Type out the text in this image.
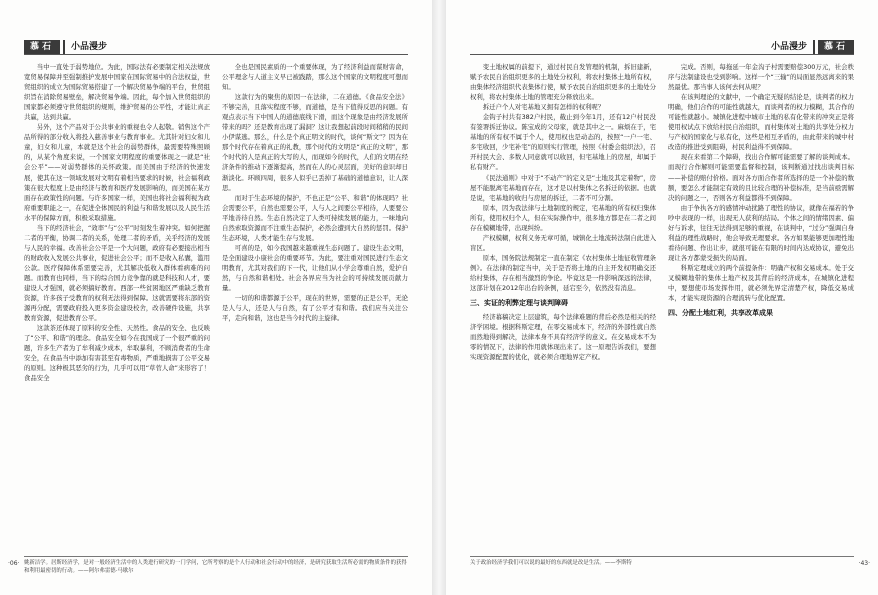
慕石	小品漫步

当中一直处于弱势地位。为此，国际法有必要制定相关法规放宽贸易保障并至强制推护发展中国家在国际贸易中的合法权益，世贸组织的成立为国际贸易搭建了一个解决贸易争端的平台，世贸组织旨在消除贸易壁垒，解决贸易争端。因此，每个加入世贸组织的国家都必须遵守世贸组织的规则，维护贸易的公平性，才能让真正共赢，达到共赢。

另外，这个产品对于公共事业的重视也令人起敬。销售这个产品所得的部分收入将投入慈善事业与教育事业。尤其针对妇女和儿童，妇女和儿童，本就是这个社会的弱势群体，最需要特殊照顾的，从某个角度来说，一个国家文明程度的重要体现之一就是“社会公平”——对弱势群体的关怀政策。而美国由于经济的快速发展，使其在这一领域发展对文明有着相当要求的时候，社会福利政策在很大程度上是由经济与教育和医疗发展影响的，而美国在某方面存在政策性的问题。与许多国家一样，美国也将社会福利视为政府重要职能之一，在促进全体国民的利益与和谐发展以及人民生活水平的保障方面，积极采取措施。

当下的经济社会，“效率”与“公平”时刻发生着冲突。如何把握二者的平衡，协调二者的关系，处理二者的矛盾，关乎经济的发展与人民的幸福。改善社会公平是一个大问题，政府有必要接出相当的财政收入发展公共事业，促进社会公平；而不是收入私囊，滥用公款。医疗保障体系需要完善，尤其解决低收入群体看病难的问题。而教育也同样，当下的综合国力竞争靠的就是科技和人才，要建设人才强国，就必须搞好教育。西部一些贫困地区严重缺乏教育资源，许多孩子受教育的权利无法得到保障。这就需要将东部的资源再分配，需要政府投入更多资金建设校舍，改善硬件设施，共享教育资源，促进教育公平。

这款茶还体现了原料的安全性、天然性。食品的安全、也反映了“公平、和谐”的理念。食品安全如今在我国成了一个很严重的问题，许多生产者为了牟利减少成本，牟取暴利，不顾消费者的生命安全，在食品当中添加有害甚至有毒物质，严重地损害了公平交易的原则。这种极其恶劣的行为，几乎可以用“草菅人命”来形容了！食品安全

全也是国民素质的一个重要体现，为了经济利益而谋财害命，公平理念与人道主义早已被践踏，那么这个国家的文明程度可想而知。

这款行为的聚焦的原因一在法律，二在道德。《食品安全法》不够完善，且落实程度不够，而道德，是当下值得反思的问题。有观点表示当下中国人的道德底线下滑，而这个现象是由经济发展所带来的吗？还是教育出现了漏洞？这让我想起前段时间稍稍的民间小伊谋逃。那么，什么是个真正明文的时代，谈何“斯文”？因为在那个时代存在着真正的礼教，那个时代的文明是“真正的文明”，那个时代的人是真正的大写的人，而现如今的时代，人们的文明在经济条件的推动下逐渐提高，然而在人的心灵层面，美好的意识却日渐淡化。环顾四周，很多人似乎已丢掉了基础的道德意识，让人深思。

而对于生态环境的保护，不也正是“公平、和谐”的体现吗？社会需要公平，自然也需要公平，人与人之间要公平相待，人要要公平地善待自然。生态自然决定了人类可持续发展的能力，一味地向自然索取资源而不注重生态保护，必然会遭到大自然的惩罚。保护生态环境，人类才能生存与发展。

可喜的是，如今我国越来越重视生态问题了。建设生态文明，是全面建设小康社会的重要环节。为此，要注重对国民进行生态文明教育，尤其对我们的下一代，让他们从小学会尊重自然，爱护自然，与自然和谐相处。社会各界应当为社会的可持续发展贡献力量。

一切的和谐都源于公平，现在的世界，需要的正是公平，无论是人与人，还是人与自然，有了公平才有和谐。我们应当关注公平，走向和谐，这也是当今时代的主旋律。

姚新洁学。居斯经济学，是对一般经济生活中的人类进行研究的一门学问，它所考察的是个人行动和社会行动中的经济，是研究获取生活所必需的物质条件的获得和利用最密切的行动。——阿尔弗雷德·马歇尔
·06·
小品漫步	慕石

变土地权属的前提下，通过村民自发管理的机制，拆旧建新，赋予农民自治组织更多的土地处分权利，将农村集体土地所有权，由集体经济组织代表集体行使，赋予农民自治组织更多的土地处分权利，将农村集体土地的管理充分释放出来。

拆迁户个人对宅基地又拥有怎样的权利呢？

金钩子村共有382户村民，截止到今年1月，还有12户村民没有签署拆迁协议。陈宝成的父母家，就是其中之一。麻烦在于，宅基地的所有权不属于个人，使用权也是动态的，按照“一户一宅、多宅收回，少宅补宅”的原则实行管理，按照《村委会组织法》，召开村民大会、多数人同意就可以收回，但宅基地上的房屋，却属于私有财产。

《民法通则》中对于“不动产”的定义是“土地及其定着物”，房屋不能脱离宅基地而存在，这才是以村集体之名拆迁的依据。也就是说，宅基地的收归与房屋的拆迁，二者不可分割。

原本，因为我法律与土地制度的规定，宅基地的所有权归集体所有，使用权归个人，但在实际操作中，很多地方都是在二者之间存在模糊地带，出现纠纷。

产权模糊，权利义务无章可循，城镇化土地流转法制自此进入盲区。

原本，国务院法规制定一直在制定《农村集体土地征收管理条例》。在法律的制定当中，关于是否将土地的自主开发权明确交还给村集体，存在相当激烈的争论。毕竟这是一件影响深远的法律，这部计划在2012年出台的条例，延宕至今，依然没有消息。

三、实证的利弊定理与谈判障碍

经济幕稿决定上层建筑，每个法律难题的背后必然是相关的经济学困境。根据科斯定理，在零交易成本下，经济的外部性就自然而然地得到解决，法律本身不具有经济学的意义。在交易成本不为零的情况下，法律的作用就体现出来了。这一原理告诉我们，要想实现资源配置的优化，就必须合理地界定产权。

完成。否则，每拖延一年金沟子村需要赔偿300万元，社会秩序与法制建设也受到影响。这样一个“三输”的局面显然远离来的果然最优。那当事人该何去何从呢？

在该判理论的文献中，一个确定无疑的结论是，谈判者的权力明确，他们合作的可能性就越大，而谈判者的权力模糊，其合作的可能性就越小。城镇化进程中城市土地的私有化带来的冲突正是将使用权试点下放给村民自治组织，而村集体对土地的共享处分权力与产权的国家化与私有化，这些是相互矛盾的，由此带来的城中村改造的推进受到阻碍，村民利益得不到保障。

现在来看第二个障碍，找出合作解可能需要了解的谈判成本。而现行合作解则可能需要监督和控制，该判断通过找出谈判目标——补偿的赔付价格。面对各方面合作者所选择的是一个补偿的数额，要怎么才能制定有效的且比较合理的补偿标准，是当前亟需解决的问题之一，否则各方利益都得不到保障。

由于争执各方的感情冲动扰路了理性的协议，就像在福若的争吵中表现的一样，出现无人获利的结局。个体之间的情绪因素、偏好与诉求，往往无法得到足够的重视，在谈判中，“过分”强调自身利益的理性战略时，他会导致无理要求。各方如果能够更加理性地看待问题、作出让步，就很可能在有限的时间内达成协议，避免出现让各方都蒙受损失的局面。

科斯定理成立的两个前提条件：明确产权和交易成本。处于交叉模糊地带的集体土地产权及其背后的经济成本，在城镇化进程中，要想使市场发挥作用，就必须先界定清楚产权，降低交易成本，才能实现资源的合理流转与优化配置。

四、分配土地红利，共享改革成果

关于政治经济学我们可以说的最好的东西就是改是生活。——李斯特	·43·
